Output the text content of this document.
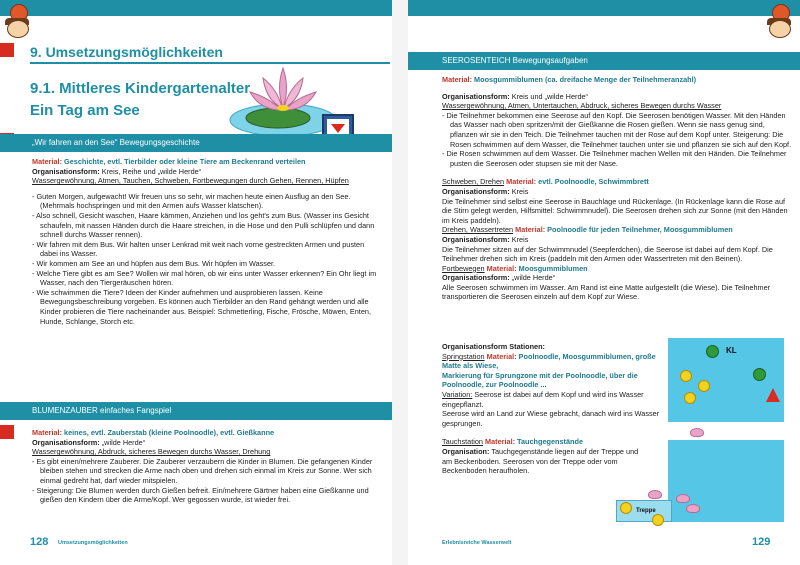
9. Umsetzungsmöglichkeiten
9.1. Mittleres Kindergartenalter
Ein Tag am See
„Wir fahren an den See“ Bewegungsgeschichte

Material: Geschichte, evtl. Tierbilder oder kleine Tiere am Beckenrand verteilen

Organisationsform: Kreis, Reihe und „wilde Herde“

Wassergewöhnung, Atmen, Tauchen, Schweben, Fortbewegungen durch Gehen, Rennen, Hüpfen

- Guten Morgen, aufgewacht! Wir freuen uns so sehr, wir machen heute einen Ausflug an den See. (Mehrmals hochspringen und mit den Armen aufs Wasser klatschen).

- Also schnell, Gesicht waschen, Haare kämmen, Anziehen und los geht's zum Bus. (Wasser ins Gesicht schaufeln, mit nassen Händen durch die Haare streichen, in die Hose und den Pulli schlüpfen und dann schnell durchs Wasser rennen).

- Wir fahren mit dem Bus. Wir halten unser Lenkrad mit weit nach vorne gestreckten Armen und pusten dabei ins Wasser.

- Wir kommen am See an und hüpfen aus dem Bus. Wir hüpfen im Wasser.

- Welche Tiere gibt es am See? Wollen wir mal hören, ob wir eins unter Wasser erkennen? Ein Ohr liegt im Wasser, nach den Tiergeräuschen hören.

- Wie schwimmen die Tiere? Ideen der Kinder aufnehmen und ausprobieren lassen. Keine Bewegungsbeschreibung vorgeben. Es können auch Tierbilder an den Rand gehängt werden und alle Kinder probieren die Tiere nacheinander aus. Beispiel: Schmetterling, Fische, Frösche, Möwen, Enten, Hunde, Schlange, Storch etc.

BLUMENZAUBER einfaches Fangspiel

Material: keines, evtl. Zauberstab (kleine Poolnoodle), evtl. Gießkanne

Organisationsform: „wilde Herde“

Wassergewöhnung, Abdruck, sicheres Bewegen durchs Wasser, Drehung

- Es gibt einen/mehrere Zauberer. Die Zauberer verzaubern die Kinder in Blumen. Die gefangenen Kinder bleiben stehen und strecken die Arme nach oben und drehen sich einmal im Kreis zur Sonne. Wer sich einmal gedreht hat, darf wieder mitspielen.

- Steigerung: Die Blumen werden durch Gießen befreit. Ein/mehrere Gärtner haben eine Gießkanne und gießen den Kindern über die Arme/Kopf. Wer gegossen wurde, ist wieder frei.

128 Umsetzungsmöglichkeiten
SEEROSENTEICH Bewegungsaufgaben

Material: Moosgummiblumen (ca. dreifache Menge der Teilnehmeranzahl)

Organisationsform: Kreis und „wilde Herde“

Wassergewöhnung, Atmen, Untertauchen, Abdruck, sicheres Bewegen durchs Wasser

- Die Teilnehmer bekommen eine Seerose auf den Kopf. Die Seerosen benötigen Wasser. Mit den Händen das Wasser nach oben spritzen/mit der Gießkanne die Rosen gießen. Wenn sie nass genug sind, pflanzen wir sie in den Teich. Die Teilnehmer tauchen mit der Rose auf dem Kopf unter. Steigerung: Die Rosen schwimmen auf dem Wasser, die Teilnehmer tauchen unter sie und pflanzen sie sich auf den Kopf.

- Die Rosen schwimmen auf dem Wasser. Die Teilnehmer machen Wellen mit den Händen. Die Teilnehmer pusten die Seerosen oder stupsen sie mit der Nase.

Schweben, Drehen Material: evtl. Poolnoodle, Schwimmbrett

Organisationsform: Kreis

Die Teilnehmer sind selbst eine Seerose in Bauchlage und Rückenlage. (In Rückenlage kann die Rose auf die Stirn gelegt werden, Hilfsmittel: Schwimmnudel). Die Seerosen drehen sich zur Sonne (mit den Händen im Kreis paddeln).

Drehen, Wassertreten Material: Poolnoodle für jeden Teilnehmer, Moosgummiblumen

Organisationsform: Kreis

Die Teilnehmer sitzen auf der Schwimmnudel (Seepferdchen), die Seerose ist dabei auf dem Kopf. Die Teilnehmer drehen sich im Kreis (paddeln mit den Armen oder Wassertreten mit den Beinen).

Fortbewegen Material: Moosgummiblumen

Organisationsform: „wilde Herde“

Alle Seerosen schwimmen im Wasser. Am Rand ist eine Matte aufgestellt (die Wiese). Die Teilnehmer transportieren die Seerosen einzeln auf dem Kopf zur Wiese.

Organisationsform Stationen:

Springstation Material: Poolnoodle, Moosgummiblumen, große Matte als Wiese,

Markierung für Sprungzone mit der Poolnoodle, über die Poolnoodle, zur Poolnoodle ...

Variation: Seerose ist dabei auf dem Kopf und wird ins Wasser eingepflanzt.

Seerose wird an Land zur Wiese gebracht, danach wird ins Wasser gesprungen.

Tauchstation Material: Tauchgegenstände

Organisation: Tauchgegenstände liegen auf der Treppe und am Beckenboden. Seerosen von der Treppe oder vom Beckenboden heraufholen.

KL
Treppe
Erlebnisreiche Wasserwelt	129
